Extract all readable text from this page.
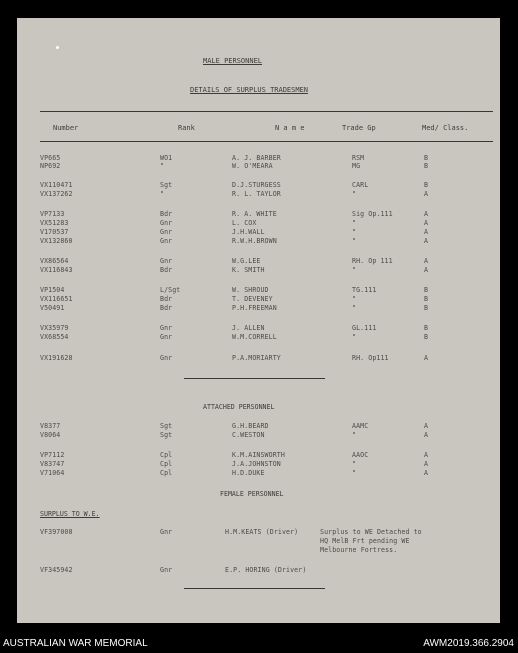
MALE PERSONNEL
DETAILS OF SURPLUS TRADESMEN
Number	Rank	N a m e	Trade Gp	Med/ Class.
VP665	WO1	A. J. BARBER	RSM	B
NP692	"	W. O'MEARA	MG	B
VX110471	Sgt	D.J.STURGESS	CARL	B
VX137262	"	R. L. TAYLOR	"	A
VP7133	Bdr	R. A. WHITE	Sig Op.111	A
VX51283	Gnr	L. COX	"	A
V170537	Gnr	J.H.WALL	"	A
VX132860	Gnr	R.W.H.BROWN	"	A
VX86564	Gnr	W.G.LEE	RH. Op 111	A
VX116843	Bdr	K. SMITH	"	A
VP1504	L/Sgt	W. SHROUD	TG.111	B
VX116651	Bdr	T. DEVENEY	"	B
V50491	Bdr	P.H.FREEMAN	"	B
VX35979	Gnr	J. ALLEN	GL.111	B
VX68554	Gnr	W.M.CORRELL	"	B
VX191628	Gnr	P.A.MORIARTY	RH. Op111	A
ATTACHED PERSONNEL
V8377	Sgt	G.H.BEARD	AAMC	A
V8064	Sgt	C.WESTON	"	A
VP7112	Cpl	K.M.AINSWORTH	AAOC	A
V83747	Cpl	J.A.JOHNSTON	"	A
V71064	Cpl	H.D.DUKE	"	A
FEMALE PERSONNEL
SURPLUS TO W.E.
VF397008	Gnr	H.M.KEATS (Driver)	Surplus to WE Detached to
HQ MelB Frt pending WE
Melbourne Fortress.
VF345942	Gnr	E.P. HORING (Driver)
AUSTRALIAN WAR MEMORIAL	AWM2019.366.2904
